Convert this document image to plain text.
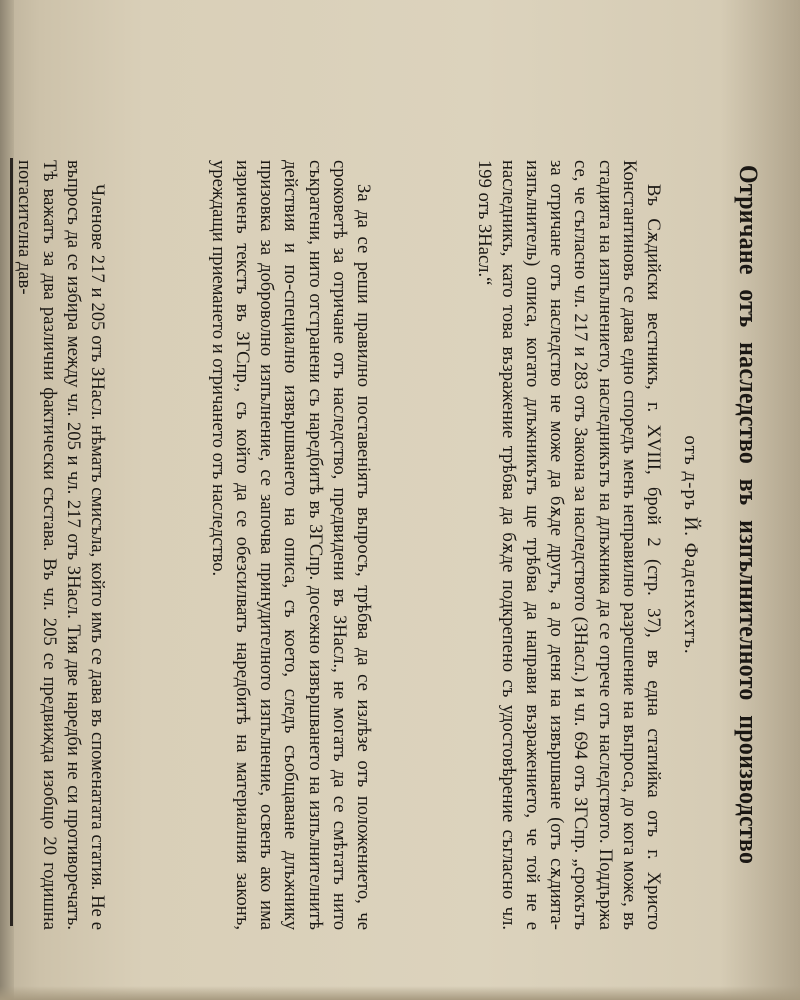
Отричане отъ наследство въ изпълнителното производство

отъ д-ръ Й. Фаденхехтъ.

Въ Сѫдийски вестникъ, г. XVIII, брой 2 (стр. 37), въ една статийка отъ г. Христо Константиновъ се дава едно споредъ менъ неправилно разрешение на въпроса, до кога може, въ стадията на изпълнението, наследникътъ на длъжника да се отрече отъ наследството. Поддържа се, че съгласно чл. 217 и 283 отъ Закона за наследството (ЗНасл.) и чл. 694 отъ ЗГСпр. „срокътъ за отричане отъ наследство не може да бѫде другъ, а до деня на извършване (отъ сѫдията-изпълнитель) описа, когато длъжникътъ ще трѣбва да направи възражението, че той не е наследникъ, като това възражение трѣбва да бѫде подкрепено съ удостовѣрение съгласно чл. 199 отъ ЗНасл.“

За да се реши правилно поставеніятъ въпросъ, трѣбва да се излѣзе отъ положението, че сроковетѣ за отричане отъ наследство, предвидени въ ЗНасл., не могатъ да се смѣтатъ нито съкратени, нито отстранени съ наредбитѣ въ ЗГСпр. досежно извършването на изпълнителнитѣ действия и по-специално извършването на описа, съ което, следъ съобщаване длъжнику призовка за доброволно изпълнение, се започва принудителното изпълнение, освенъ ако има изриченъ текстъ въ ЗГСпр., съ който да се обезсилватъ наредбитѣ на материалния законъ, уреждащи приемането и отричането отъ наследство.

Членове 217 и 205 отъ ЗНасл. нѣматъ смисъла, който имъ се дава въ споменатата статия. Не е въпросъ да се избира между чл. 205 и чл. 217 отъ ЗНасл. Тия две наредби не си противоречатъ. Тѣ важатъ за два различни фактически състава. Въ чл. 205 се предвижда изобщо 20 годишна погасителна дав-
